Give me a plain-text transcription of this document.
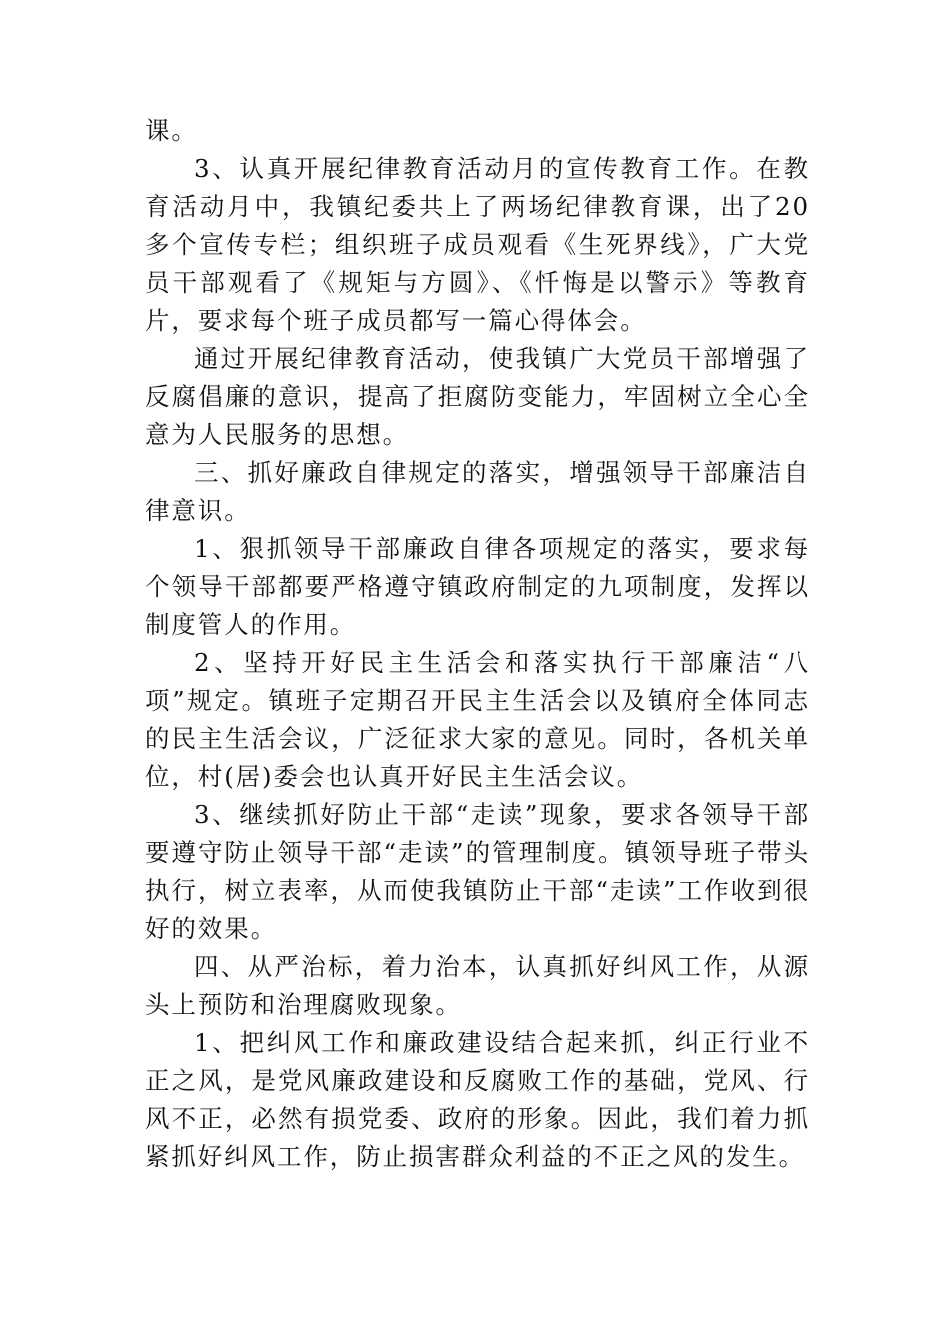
课。

3、认真开展纪律教育活动月的宣传教育工作。在教育活动月中，我镇纪委共上了两场纪律教育课，出了20多个宣传专栏；组织班子成员观看《生死界线》，广大党员干部观看了《规矩与方圆》、《忏悔是以警示》等教育片，要求每个班子成员都写一篇心得体会。

通过开展纪律教育活动，使我镇广大党员干部增强了反腐倡廉的意识，提高了拒腐防变能力，牢固树立全心全意为人民服务的思想。

三、抓好廉政自律规定的落实，增强领导干部廉洁自律意识。

1、狠抓领导干部廉政自律各项规定的落实，要求每个领导干部都要严格遵守镇政府制定的九项制度，发挥以制度管人的作用。

2、坚持开好民主生活会和落实执行干部廉洁“八项”规定。镇班子定期召开民主生活会以及镇府全体同志的民主生活会议，广泛征求大家的意见。同时，各机关单位，村(居)委会也认真开好民主生活会议。

3、继续抓好防止干部“走读”现象，要求各领导干部要遵守防止领导干部“走读”的管理制度。镇领导班子带头执行，树立表率，从而使我镇防止干部“走读”工作收到很好的效果。

四、从严治标，着力治本，认真抓好纠风工作，从源头上预防和治理腐败现象。

1、把纠风工作和廉政建设结合起来抓，纠正行业不正之风，是党风廉政建设和反腐败工作的基础，党风、行风不正，必然有损党委、政府的形象。因此，我们着力抓紧抓好纠风工作，防止损害群众利益的不正之风的发生。
